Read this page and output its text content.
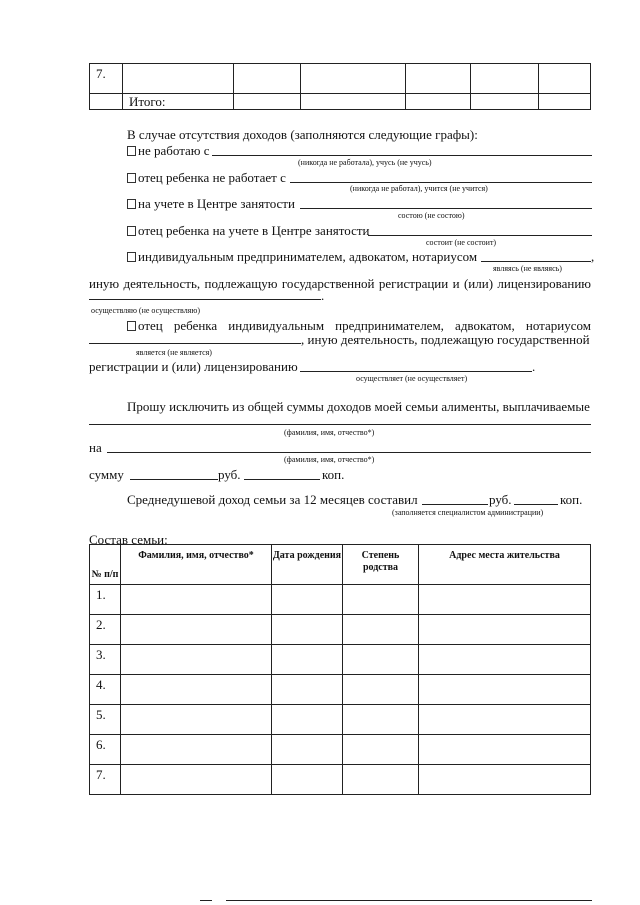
7.						
	Итого:					
В случае отсутствия доходов (заполняются следующие графы):
не работаю с
(никогда не работала), учусь (не учусь)
отец ребенка не работает с
(никогда не работал), учится (не учится)
на учете в Центре занятости
состою (не состою)
отец ребенка на учете в Центре занятости
состоит (не состоит)
индивидуальным предпринимателем, адвокатом, нотариусом	,
являясь (не являясь)
иную деятельность, подлежащую государственной регистрации и (или) лицензированию
.
осуществляю (не осуществляю)
отец ребенка индивидуальным предпринимателем, адвокатом, нотариусом
, иную деятельность, подлежащую государственной
является (не является)
регистрации и (или) лицензированию	.
осуществляет (не осуществляет)
Прошу исключить из общей суммы доходов моей семьи алименты, выплачиваемые
(фамилия, имя, отчество*)
на
(фамилия, имя, отчество*)
сумму	руб.	коп.
Среднедушевой доход семьи за 12 месяцев составил	руб.	коп.
(заполняется специалистом администрации)
Состав семьи:
№ п/п	Фамилия, имя, отчество*	Дата рождения	Степень родства	Адрес места жительства
1.				
2.				
3.				
4.				
5.				
6.				
7.				
